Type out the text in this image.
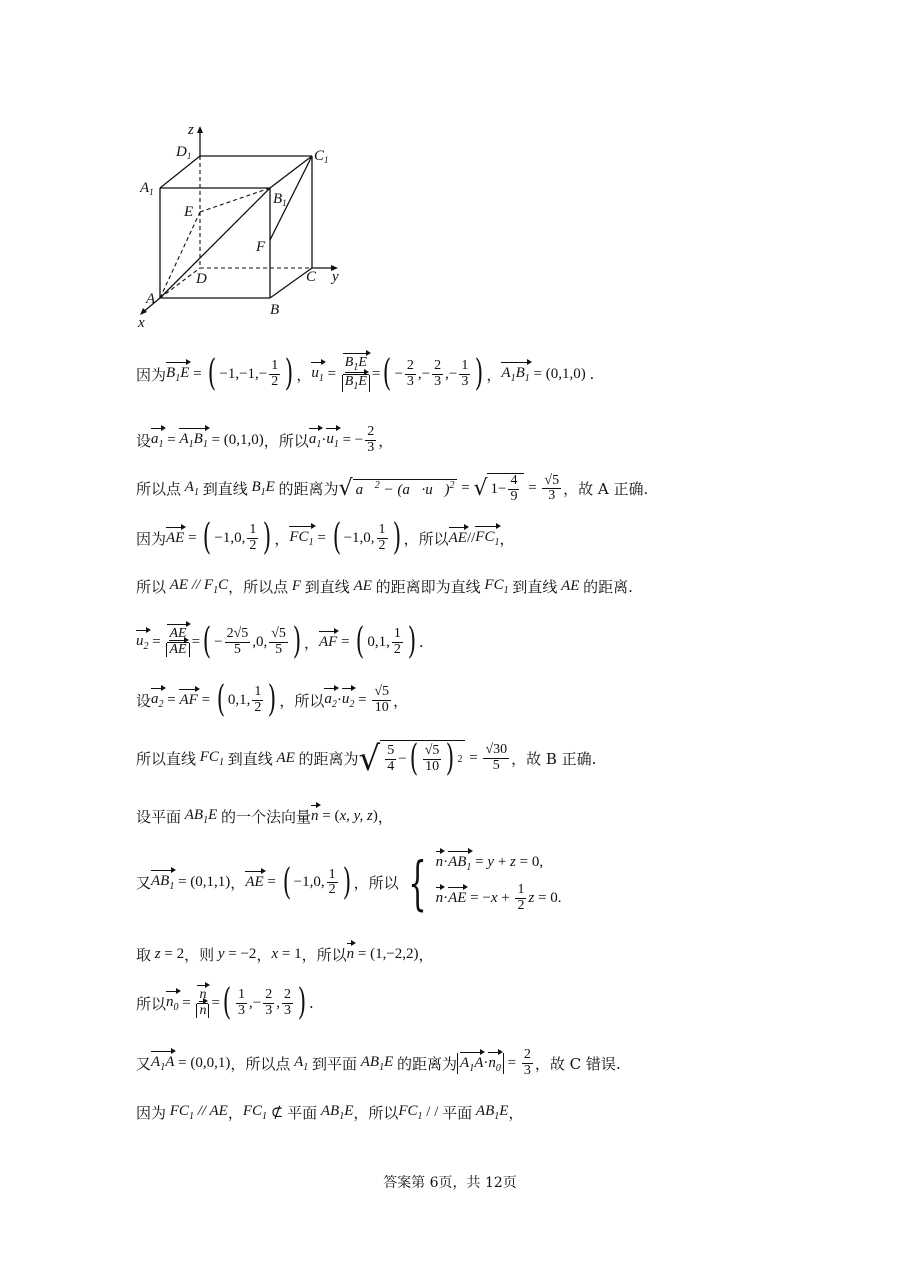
z
$D_1$	$C_1$
$A_1$	$B_1$
E
F
D	C y
A
B
x
因为 $B_1E$ = ( $-1,-1,- \frac{1}{2}$ ) ， $u_1 = \frac{B_1E}{B_1E}$ = ( − $\frac{2}{3}$ ,− $\frac{2}{3}$ ,− $\frac{1}{3}$ ) ， $A_1B_1 = (0,1,0)$ .
设 $a_1 = A_1B_1 = (0,1,0)$ ， 所以 $a_1 \cdot u_1$ = − $\frac{2}{3}$ ，
所以点 $A_1$ 到直线 $B_1E$ 的距离为 √ a⃗$^2$ − (a⃗·u⃗)$^2$ = √ $1- \frac{4}{9} = \frac{√5}{3}$ ，故 A 正确.
因为 AE = ( −1,0, $\frac{1}{2}$ ) ， $FC_1$ = ( −1,0, $\frac{1}{2}$ ) ， 所以 AE // $FC_1$ ，
所以 AE // $F_1C$ ，所以点 F 到直线 AE 的距离即为直线 $FC_1$ 到直线 AE 的距离.
$u_2 = \frac{AE}{AE}$ = ( − $\frac{2√5}{5} ,0$, $\frac{√5}{5}$ ) ， AF = ( 0,1, $\frac{1}{2}$ ) .
设 $a_2$ = AF = ( 0,1, $\frac{1}{2}$ ) ， 所以 $a_2 \cdot u_2 = \frac{√5}{10}$ ，
所以直线 $FC_1$ 到直线 AE 的距离为 √ $\frac{5}{4}$ − ( $\frac{√5}{10}$ ) $2 = \frac{√30}{5}$ ，故 B 正确.
设平面 $AB_1E$ 的一个法向量 n = ( x, y, z ) ，
又 $AB_1 = (0,1,1)$ ， AE = ( −1,0, $\frac{1}{2}$ ) ，所以 { $n\cdot AB_1 = y + z = 0$,
n · AE = − $x + \frac{1}{2}$ z = 0.
取 z = 2 ，则 y = −2 ， x = 1 ，所以 n = (1,−2,2) ，
所以 $n_0 = \frac{n}{n}$ = ( $\frac{1}{3}$ ,− $\frac{2}{3}$ , $\frac{2}{3}$ ) .
又 $A_1A = (0,0,1)$ ，所以点 $A_1$ 到平面 $AB_1E$ 的距离为 $A_1A\cdot n_0 = \frac{2}{3}$ ，故 C 错误.
因为 $FC_1$ // AE ， $FC_1$ ⊄ 平面 $AB_1E$ ，所以 $FC_1$ / / 平面 $AB_1E$ ，
答案第 6页，共 12页
